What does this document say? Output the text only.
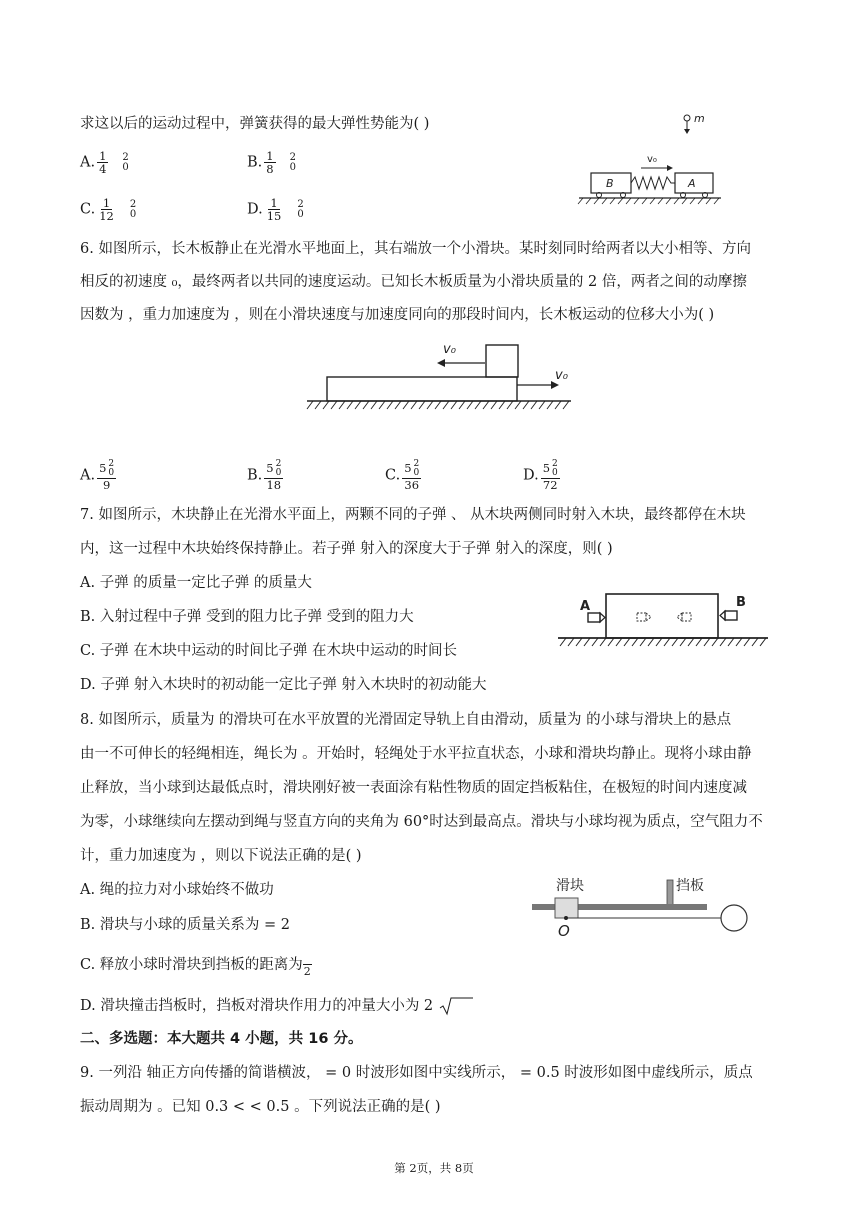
求这以后的运动过程中，弹簧获得的最大弹性势能为( )
A. $\frac{1}{4} 2$
0	B. $\frac{1}{8} 2$
0
C. $\frac{1}{12} 2$
0	D. $\frac{1}{15} 2$
0
m
v₀
B	A
6. 如图所示，长木板静止在光滑水平地面上，其右端放一个小滑块。某时刻同时给两者以大小相等、方向
相反的初速度 ₀，最终两者以共同的速度运动。已知长木板质量为小滑块质量的 2 倍，两者之间的动摩擦
因数为 ，重力加速度为 ，则在小滑块速度与加速度同向的那段时间内，长木板运动的位移大小为( )
v₀
v₀
A. 5 2
0
9	B. 5 2
0
18	C. 5 2
0
36	D. 5 2
0
72
7. 如图所示，木块静止在光滑水平面上，两颗不同的子弹 、 从木块两侧同时射入木块，最终都停在木块
内，这一过程中木块始终保持静止。若子弹 射入的深度大于子弹 射入的深度，则( )
A. 子弹 的质量一定比子弹 的质量大
B. 入射过程中子弹 受到的阻力比子弹 受到的阻力大
C. 子弹 在木块中运动的时间比子弹 在木块中运动的时间长
D. 子弹 射入木块时的初动能一定比子弹 射入木块时的初动能大
A	B
8. 如图所示，质量为 的滑块可在水平放置的光滑固定导轨上自由滑动，质量为 的小球与滑块上的悬点
由一不可伸长的轻绳相连，绳长为 。开始时，轻绳处于水平拉直状态，小球和滑块均静止。现将小球由静
止释放，当小球到达最低点时，滑块刚好被一表面涂有粘性物质的固定挡板粘住，在极短的时间内速度减
为零，小球继续向左摆动到绳与竖直方向的夹角为 60°时达到最高点。滑块与小球均视为质点，空气阻力不
计，重力加速度为 ，则以下说法正确的是( )
A. 绳的拉力对小球始终不做功
B. 滑块与小球的质量关系为 = 2
C. 释放小球时滑块到挡板的距离为$_2$
D. 滑块撞击挡板时，挡板对滑块作用力的冲量大小为 2
滑块	挡板
O
二、多选题：本大题共 4 小题，共 16 分。
9. 一列沿 轴正方向传播的简谐横波， = 0 时波形如图中实线所示， = 0.5 时波形如图中虚线所示，质点
振动周期为 。已知 0.3 < < 0.5 。下列说法正确的是( )
第 2页，共 8页
